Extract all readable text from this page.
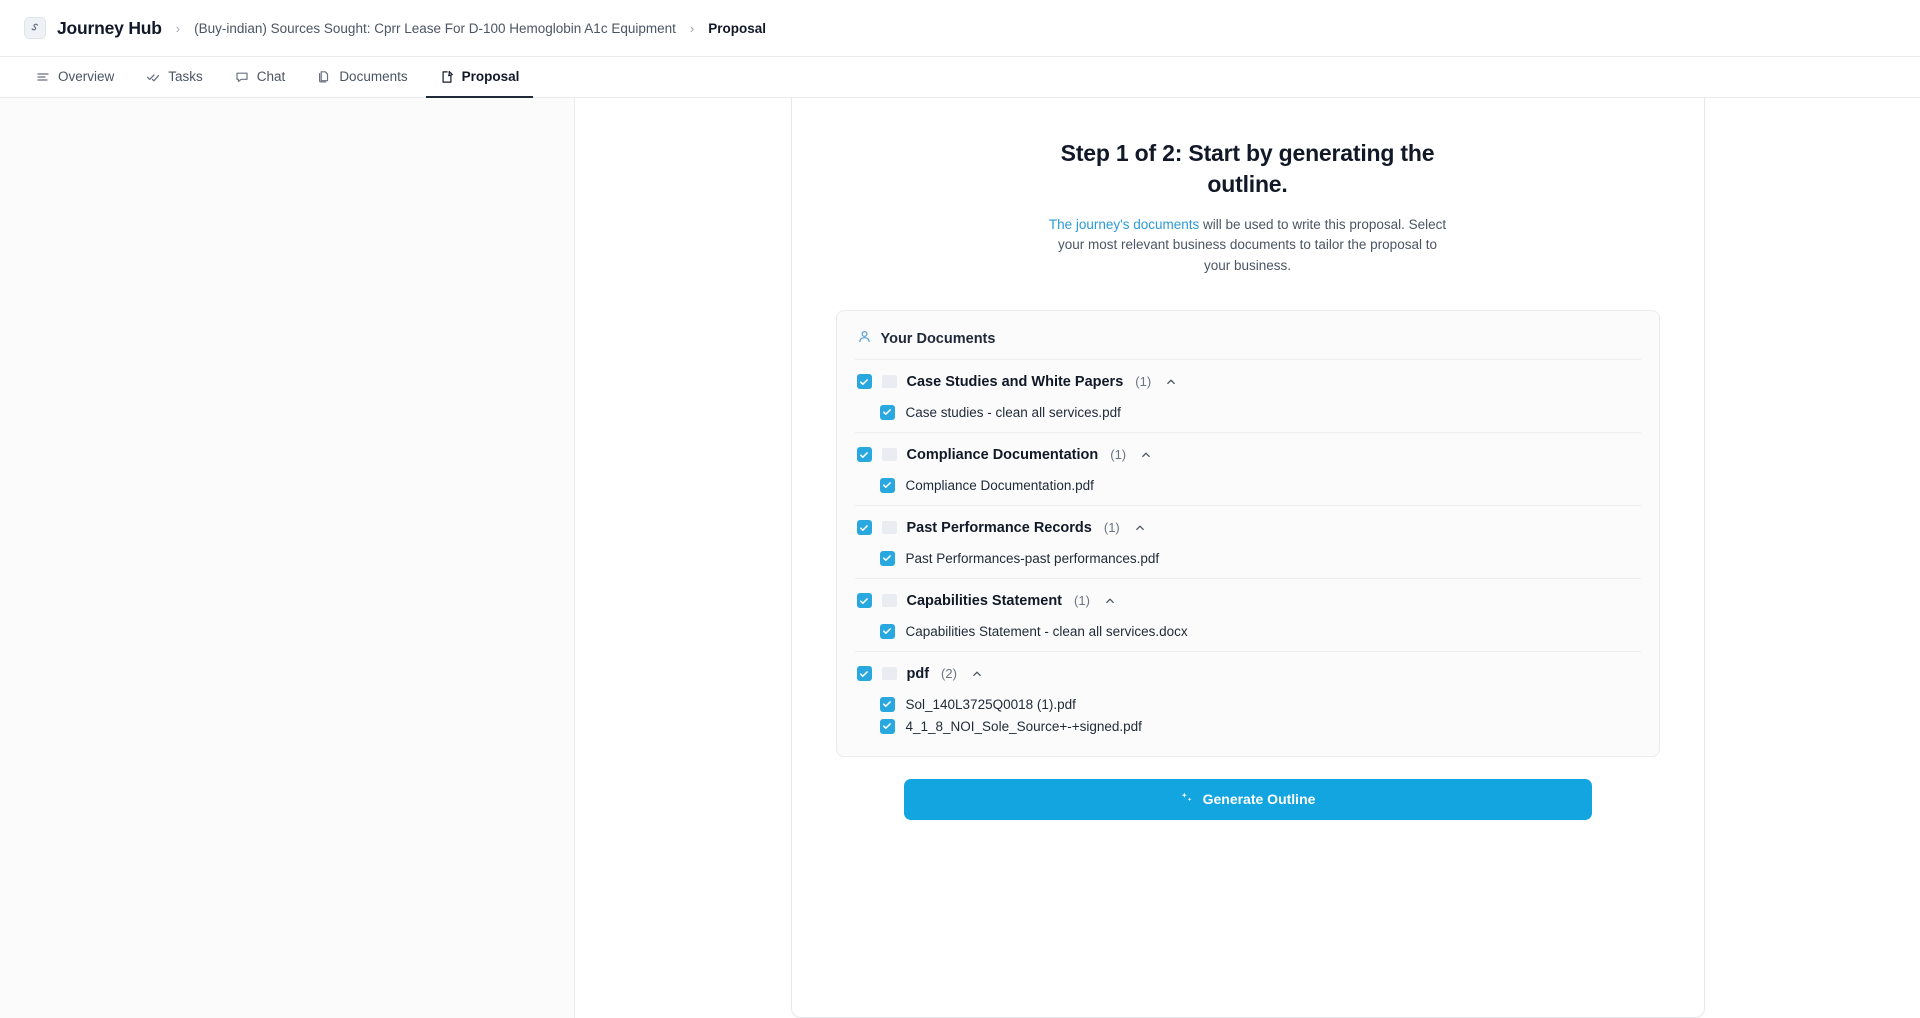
Journey Hub › (Buy-indian) Sources Sought: Cprr Lease For D-100 Hemoglobin A1c Equipment › Proposal
Overview	Tasks	Chat	Documents	Proposal
Step 1 of 2: Start by generating the outline.

The journey's documents will be used to write this proposal. Select your most relevant business documents to tailor the proposal to your business.

Your Documents
Case Studies and White Papers (1)
Case studies - clean all services.pdf
Compliance Documentation (1)
Compliance Documentation.pdf
Past Performance Records (1)
Past Performances-past performances.pdf
Capabilities Statement (1)
Capabilities Statement - clean all services.docx
pdf (2)
Sol_140L3725Q0018 (1).pdf
4_1_8_NOI_Sole_Source+-+signed.pdf
Generate Outline
